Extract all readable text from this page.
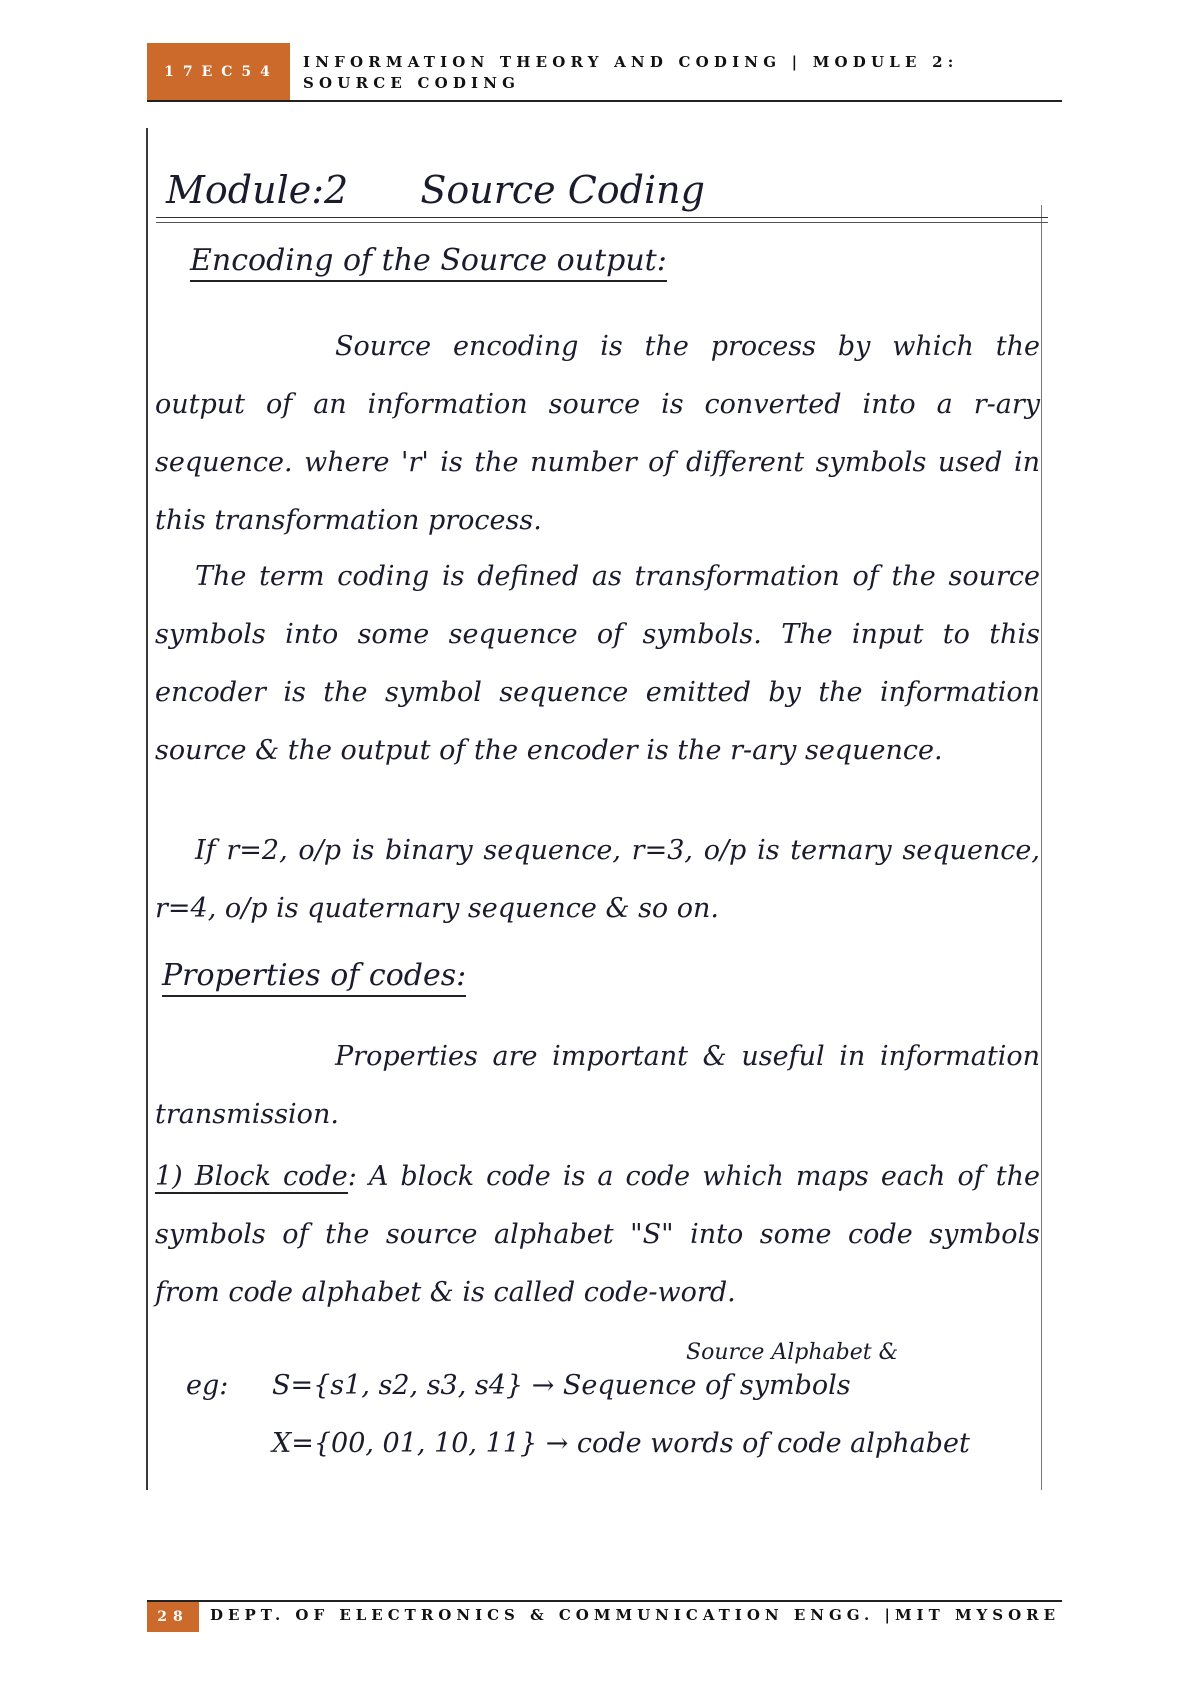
17EC54
INFORMATION THEORY AND CODING | MODULE 2: SOURCE CODING
Module:2 Source Coding
Encoding of the Source output:
Source encoding is the process by which the output of an information source is converted into a r-ary sequence. where 'r' is the number of different symbols used in this transformation process.
The term coding is defined as transformation of the source symbols into some sequence of symbols. The input to this encoder is the symbol sequence emitted by the information source & the output of the encoder is the r-ary sequence.
If r=2, o/p is binary sequence, r=3, o/p is ternary sequence, r=4, o/p is quaternary sequence & so on.
Properties of codes:
Properties are important & useful in information transmission.
1) Block code: A block code is a code which maps each of the symbols of the source alphabet "S" into some code symbols from code alphabet & is called code-word.
Source Alphabet &
eg: S={s1, s2, s3, s4} → Sequence of symbols
X={00, 01, 10, 11} → code words of code alphabet
28	DEPT. OF ELECTRONICS & COMMUNICATION ENGG. |MIT MYSORE
